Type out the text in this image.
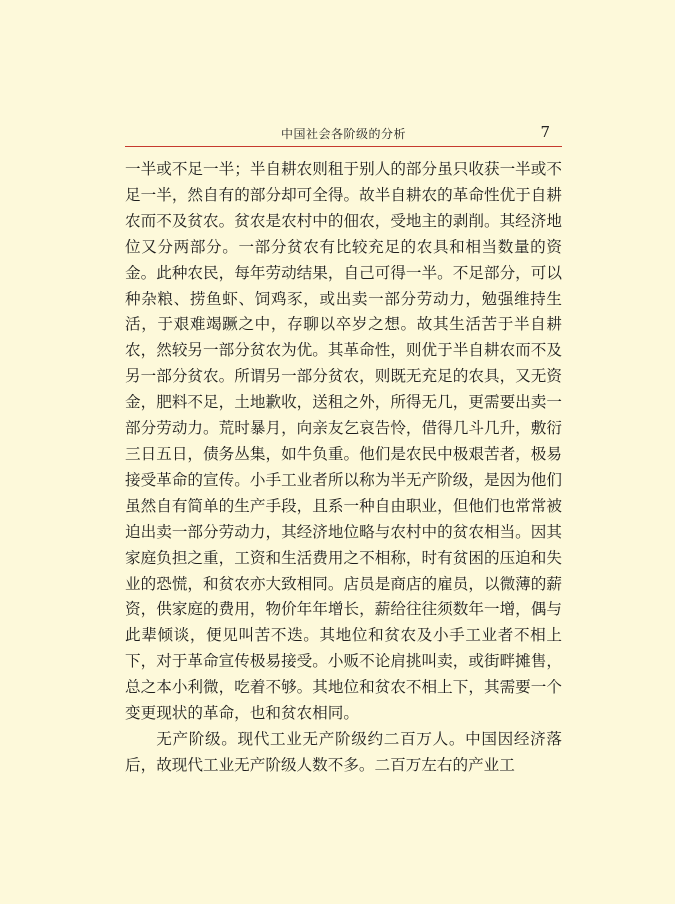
中国社会各阶级的分析	7

一半或不足一半；半自耕农则租于别人的部分虽只收获一半或不足一半，然自有的部分却可全得。故半自耕农的革命性优于自耕农而不及贫农。贫农是农村中的佃农，受地主的剥削。其经济地位又分两部分。一部分贫农有比较充足的农具和相当数量的资金。此种农民，每年劳动结果，自己可得一半。不足部分，可以种杂粮、捞鱼虾、饲鸡豕，或出卖一部分劳动力，勉强维持生活，于艰难竭蹶之中，存聊以卒岁之想。故其生活苦于半自耕农，然较另一部分贫农为优。其革命性，则优于半自耕农而不及另一部分贫农。所谓另一部分贫农，则既无充足的农具，又无资金，肥料不足，土地歉收，送租之外，所得无几，更需要出卖一部分劳动力。荒时暴月，向亲友乞哀告怜，借得几斗几升，敷衍三日五日，债务丛集，如牛负重。他们是农民中极艰苦者，极易接受革命的宣传。小手工业者所以称为半无产阶级，是因为他们虽然自有简单的生产手段，且系一种自由职业，但他们也常常被迫出卖一部分劳动力，其经济地位略与农村中的贫农相当。因其家庭负担之重，工资和生活费用之不相称，时有贫困的压迫和失业的恐慌，和贫农亦大致相同。店员是商店的雇员，以微薄的薪资，供家庭的费用，物价年年增长，薪给往往须数年一增，偶与此辈倾谈，便见叫苦不迭。其地位和贫农及小手工业者不相上下，对于革命宣传极易接受。小贩不论肩挑叫卖，或街畔摊售，总之本小利微，吃着不够。其地位和贫农不相上下，其需要一个变更现状的革命，也和贫农相同。

无产阶级。现代工业无产阶级约二百万人。中国因经济落后，故现代工业无产阶级人数不多。二百万左右的产业工
